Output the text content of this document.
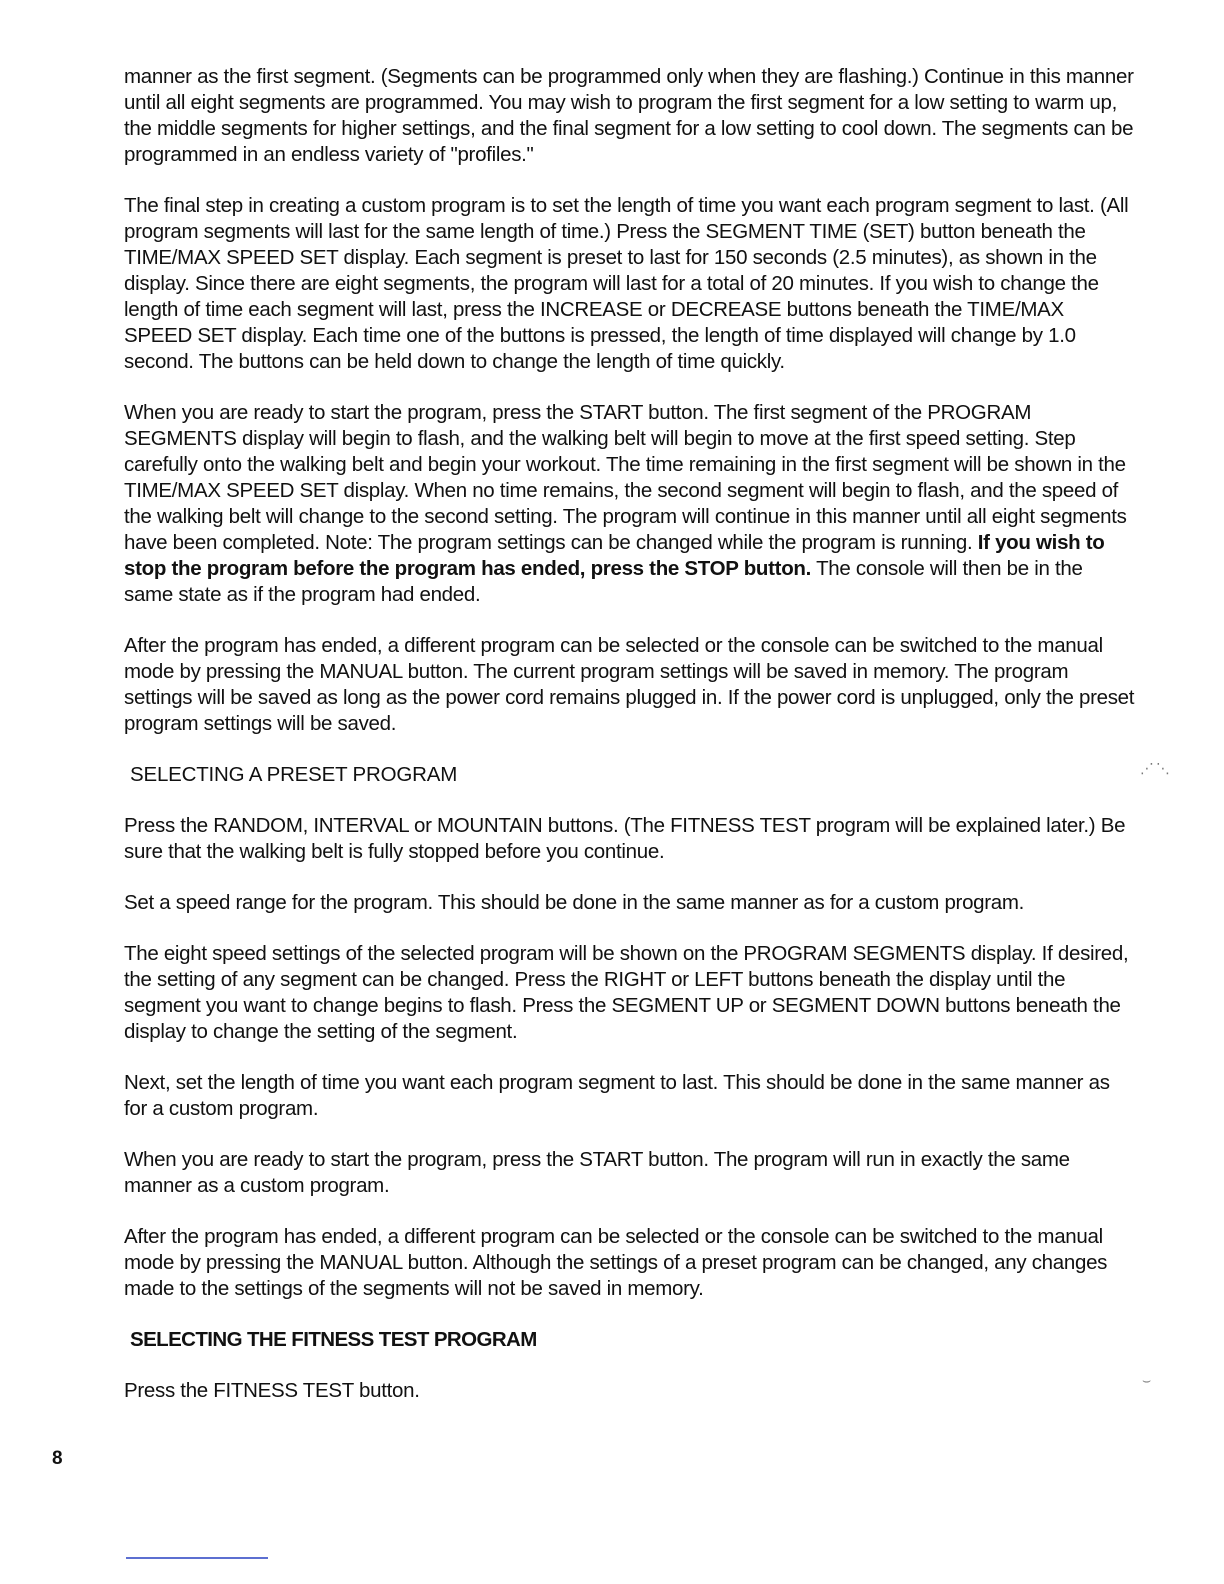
manner as the first segment. (Segments can be programmed only when they are flashing.) Continue in this manner until all eight segments are programmed. You may wish to program the first segment for a low setting to warm up, the middle segments for higher settings, and the final segment for a low setting to cool down. The segments can be programmed in an endless variety of "profiles."

The final step in creating a custom program is to set the length of time you want each program segment to last. (All program segments will last for the same length of time.) Press the SEGMENT TIME (SET) button beneath the TIME/MAX SPEED SET display. Each segment is preset to last for 150 seconds (2.5 minutes), as shown in the display. Since there are eight segments, the program will last for a total of 20 minutes. If you wish to change the length of time each segment will last, press the INCREASE or DECREASE buttons beneath the TIME/MAX SPEED SET display. Each time one of the buttons is pressed, the length of time displayed will change by 1.0 second. The buttons can be held down to change the length of time quickly.

When you are ready to start the program, press the START button. The first segment of the PROGRAM SEGMENTS display will begin to flash, and the walking belt will begin to move at the first speed setting. Step carefully onto the walking belt and begin your workout. The time remaining in the first segment will be shown in the TIME/MAX SPEED SET display. When no time remains, the second segment will begin to flash, and the speed of the walking belt will change to the second setting. The program will continue in this manner until all eight segments have been completed. Note: The program settings can be changed while the program is running. If you wish to stop the program before the program has ended, press the STOP button. The console will then be in the same state as if the program had ended.

After the program has ended, a different program can be selected or the console can be switched to the manual mode by pressing the MANUAL button. The current program settings will be saved in memory. The program settings will be saved as long as the power cord remains plugged in. If the power cord is unplugged, only the preset program settings will be saved.

SELECTING A PRESET PROGRAM

Press the RANDOM, INTERVAL or MOUNTAIN buttons. (The FITNESS TEST program will be explained later.) Be sure that the walking belt is fully stopped before you continue.

Set a speed range for the program. This should be done in the same manner as for a custom program.

The eight speed settings of the selected program will be shown on the PROGRAM SEGMENTS display. If desired, the setting of any segment can be changed. Press the RIGHT or LEFT buttons beneath the display until the segment you want to change begins to flash. Press the SEGMENT UP or SEGMENT DOWN buttons beneath the display to change the setting of the segment.

Next, set the length of time you want each program segment to last. This should be done in the same manner as for a custom program.

When you are ready to start the program, press the START button. The program will run in exactly the same manner as a custom program.

After the program has ended, a different program can be selected or the console can be switched to the manual mode by pressing the MANUAL button. Although the settings of a preset program can be changed, any changes made to the settings of the segments will not be saved in memory.

SELECTING THE FITNESS TEST PROGRAM

Press the FITNESS TEST button.

8
⋰⋱
⌣
